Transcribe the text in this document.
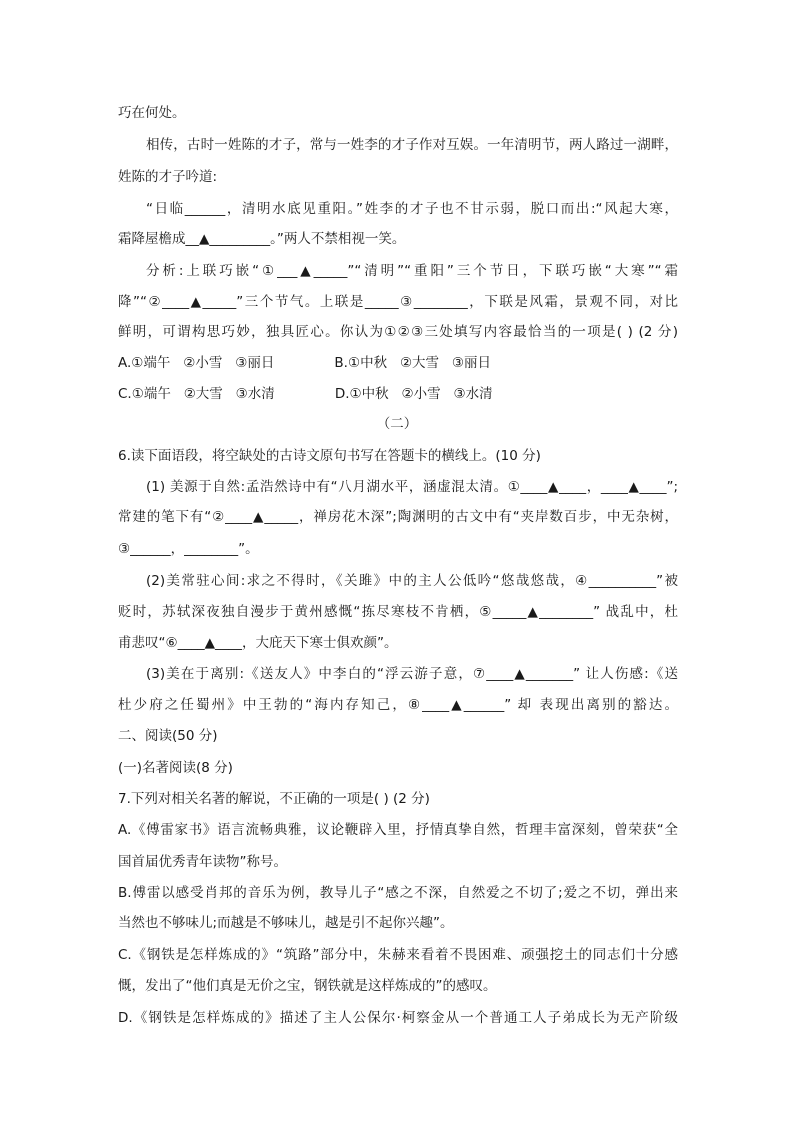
巧在何处。
相传，古时一姓陈的才子，常与一姓李的才子作对互娱。一年清明节，两人路过一湖畔，
姓陈的才子吟道:
“日临______，清明水底见重阳。”姓李的才子也不甘示弱，脱口而出:“风起大寒，
霜降屋檐成__▲_________。”两人不禁相视一笑。
分析:上联巧嵌“①___▲_____”“清明”“重阳”三个节日，下联巧嵌“大寒”“霜
降”“②____▲_____”三个节气。上联是_____③________，下联是风霜，景观不同，对比
鲜明，可谓构思巧妙，独具匠心。你认为①②③三处填写内容最恰当的一项是( ) (2 分)
A.①端午   ②小雪   ③丽日              B.①中秋   ②大雪   ③丽日
C.①端午   ②大雪   ③水清              D.①中秋   ②小雪   ③水清
（二）
6.读下面语段，将空缺处的古诗文原句书写在答题卡的横线上。(10 分)
(1) 美源于自然:孟浩然诗中有“八月湖水平，涵虚混太清。①____▲____，____▲____”;
常建的笔下有“②____▲_____，禅房花木深”;陶渊明的古文中有“夹岸数百步，中无杂树，
③______，________”。
(2)美常驻心间:求之不得时，《关雎》中的主人公低吟“悠哉悠哉，④__________”被
贬时，苏轼深夜独自漫步于黄州感慨“拣尽寒枝不肯栖，⑤_____▲________” 战乱中，杜
甫悲叹“⑥____▲____，大庇天下寒士俱欢颜”。
(3)美在于离别:《送友人》中李白的“浮云游子意，⑦____▲_______” 让人伤感:《送
杜少府之任蜀州》中王勃的“海内存知己，⑧____▲______” 却 表现出离别的豁达。
二、阅读(50 分)
(一)名著阅读(8 分)
7.下列对相关名著的解说，不正确的一项是( ) (2 分)
A.《傅雷家书》语言流畅典雅，议论鞭辟入里，抒情真挚自然，哲理丰富深刻，曾荣获“全
国首届优秀青年读物”称号。
B.傅雷以感受肖邦的音乐为例，教导儿子“感之不深，自然爱之不切了;爱之不切，弹出来
当然也不够味儿;而越是不够味儿，越是引不起你兴趣”。
C.《钢铁是怎样炼成的》“筑路”部分中，朱赫来看着不畏困难、顽强挖土的同志们十分感
慨，发出了“他们真是无价之宝，钢铁就是这样炼成的”的感叹。
D.《钢铁是怎样炼成的》描述了主人公保尔·柯察金从一个普通工人子弟成长为无产阶级
